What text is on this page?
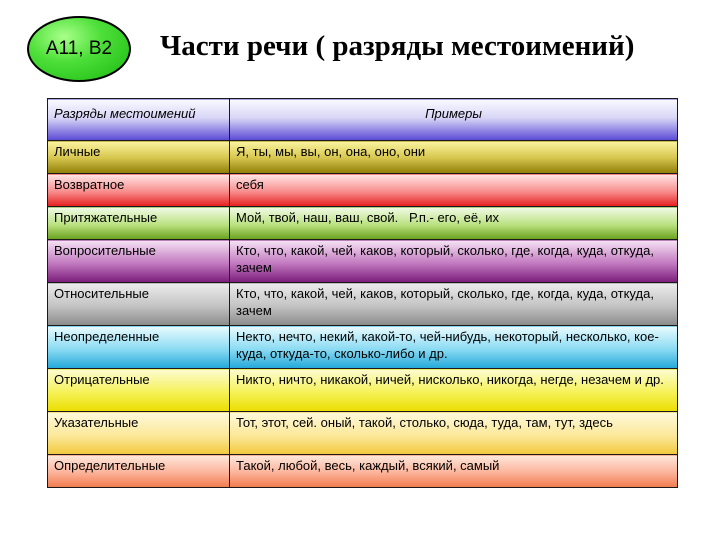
А11, В2	Части речи ( разряды местоимений)
Разряды местоимений	Примеры
Личные	Я, ты, мы, вы, он, она, оно, они
Возвратное	себя
Притяжательные	Мой, твой, наш, ваш, свой.   Р.п.- его, её, их
Вопросительные	Кто, что, какой, чей, каков, который, сколько, где, когда, куда, откуда, зачем
Относительные	Кто, что, какой, чей, каков, который, сколько, где, когда, куда, откуда, зачем
Неопределенные	Некто, нечто, некий, какой-то, чей-нибудь, некоторый, несколько, кое-куда, откуда-то, сколько-либо и др.
Отрицательные	Никто, ничто, никакой, ничей, нисколько, никогда, негде, незачем и др.
Указательные	Тот, этот, сей. оный, такой, столько, сюда, туда, там, тут, здесь
Определительные	Такой, любой, весь, каждый, всякий, самый
